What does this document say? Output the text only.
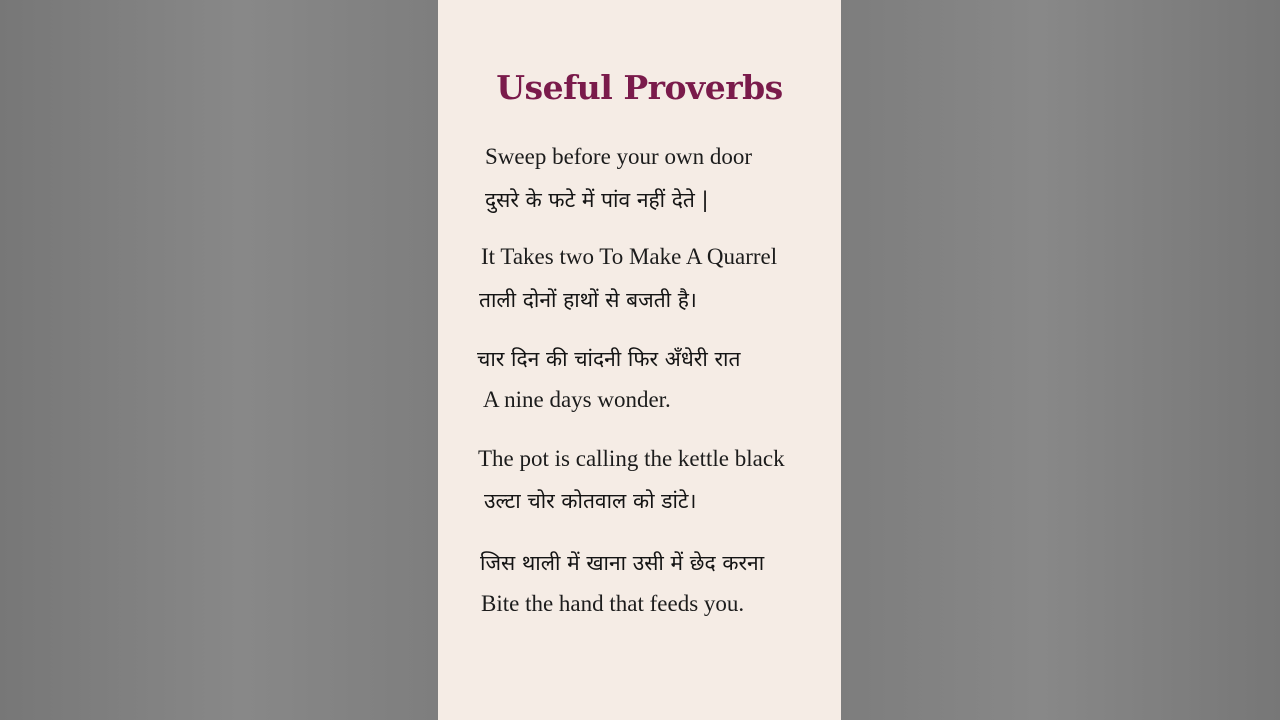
Useful Proverbs
Sweep before your own door
दुसरे के फटे में पांव नहीं देते |
It Takes two To Make A Quarrel
ताली दोनों हाथों से बजती है।
चार दिन की चांदनी फिर अँधेरी रात
A nine days wonder.
The pot is calling the kettle black
उल्टा चोर कोतवाल को डांटे।
जिस थाली में खाना उसी में छेद करना
Bite the hand that feeds you.
